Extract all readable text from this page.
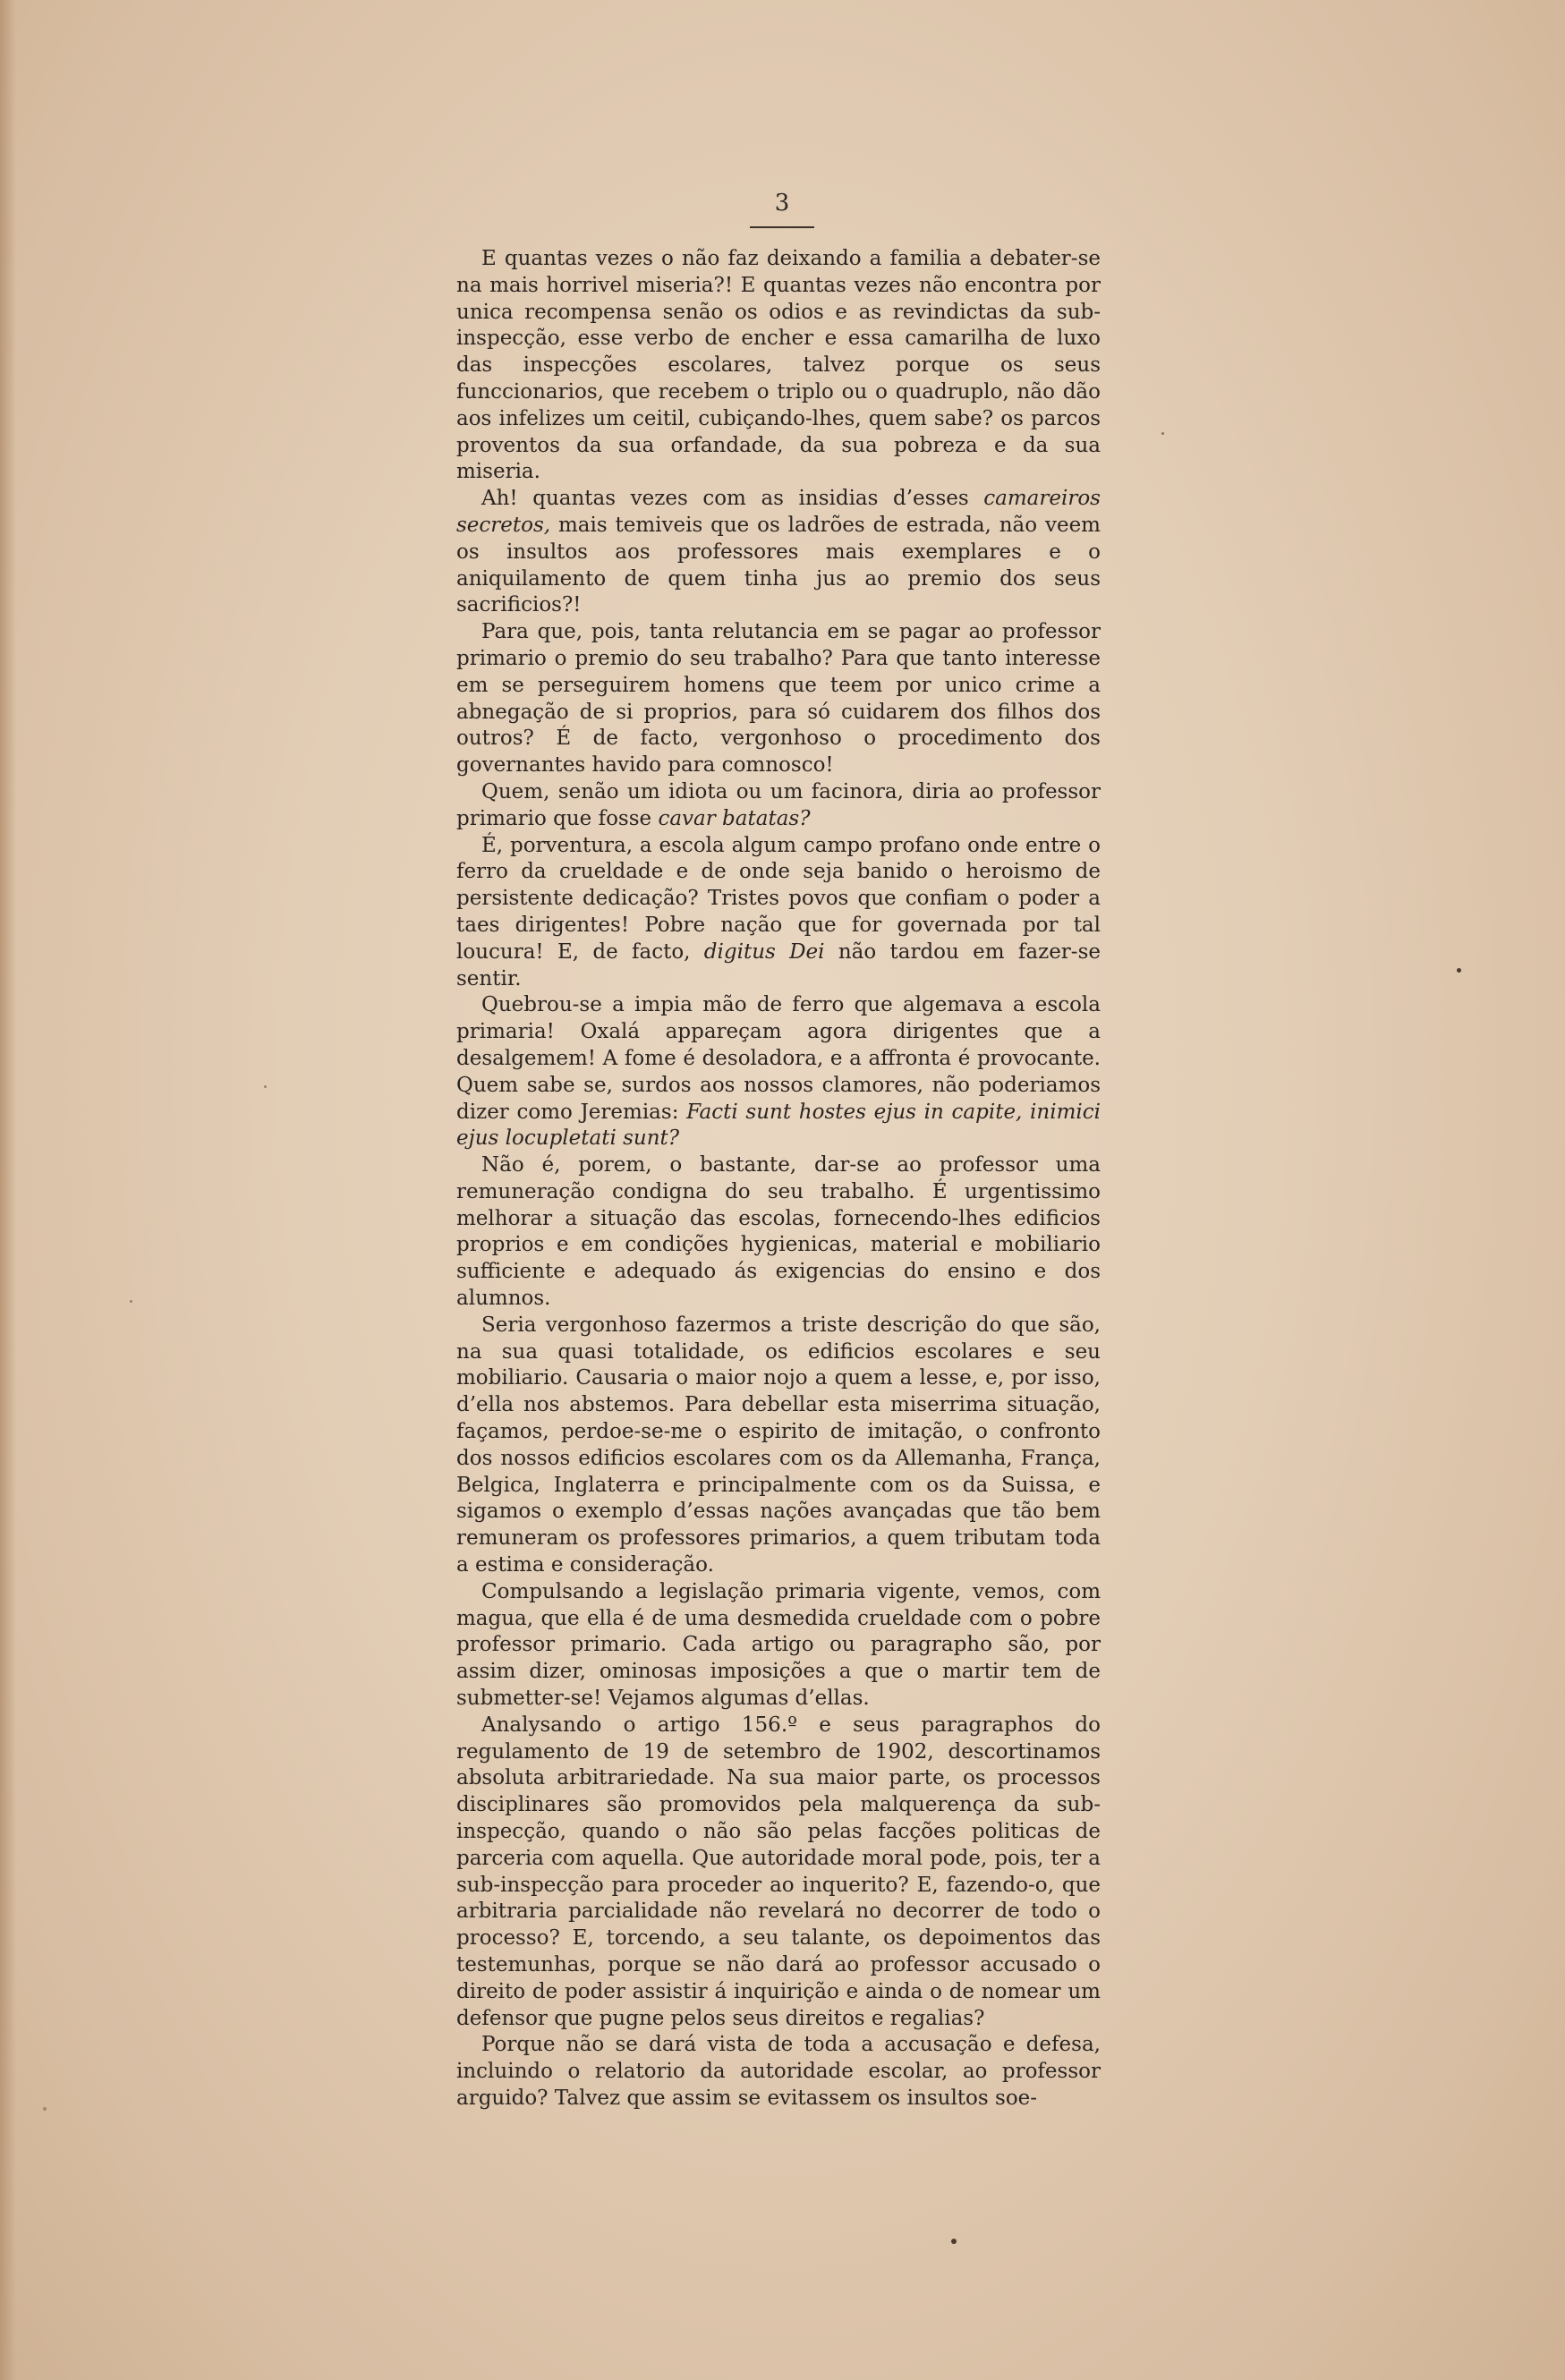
3

E quantas vezes o não faz deixando a familia a debater-se na mais horrivel miseria?! E quantas vezes não encontra por unica recompensa senão os odios e as revindictas da sub-inspecção, esse verbo de encher e essa camarilha de luxo das inspecções escolares, talvez porque os seus funccionarios, que recebem o triplo ou o quadruplo, não dão aos infelizes um ceitil, cubiçando-lhes, quem sabe? os parcos proventos da sua orfandade, da sua pobreza e da sua miseria.

Ah! quantas vezes com as insidias d’esses camareiros secretos, mais temiveis que os ladrões de estrada, não veem os insultos aos professores mais exemplares e o aniquilamento de quem tinha jus ao premio dos seus sacrificios?!

Para que, pois, tanta relutancia em se pagar ao professor primario o premio do seu trabalho? Para que tanto interesse em se perseguirem homens que teem por unico crime a abnegação de si proprios, para só cuidarem dos filhos dos outros? É de facto, vergonhoso o procedimento dos governantes havido para comnosco!

Quem, senão um idiota ou um facinora, diria ao professor primario que fosse cavar batatas?

É, porventura, a escola algum campo profano onde entre o ferro da crueldade e de onde seja banido o heroismo de persistente dedicação? Tristes povos que confiam o poder a taes dirigentes! Pobre nação que for governada por tal loucura! E, de facto, digitus Dei não tardou em fazer-se sentir.

Quebrou-se a impia mão de ferro que algemava a escola primaria! Oxalá appareçam agora dirigentes que a desalgemem! A fome é desoladora, e a affronta é provocante. Quem sabe se, surdos aos nossos clamores, não poderiamos dizer como Jeremias: Facti sunt hostes ejus in capite, inimici ejus locupletati sunt?

Não é, porem, o bastante, dar-se ao professor uma remuneração condigna do seu trabalho. É urgentissimo melhorar a situação das escolas, fornecendo-lhes edificios proprios e em condições hygienicas, material e mobiliario sufficiente e adequado ás exigencias do ensino e dos alumnos.

Seria vergonhoso fazermos a triste descrição do que são, na sua quasi totalidade, os edificios escolares e seu mobiliario. Causaria o maior nojo a quem a lesse, e, por isso, d’ella nos abstemos. Para debellar esta miserrima situação, façamos, perdoe-se-me o espirito de imitação, o confronto dos nossos edificios escolares com os da Allemanha, França, Belgica, Inglaterra e principalmente com os da Suissa, e sigamos o exemplo d’essas nações avançadas que tão bem remuneram os professores primarios, a quem tributam toda a estima e consideração.

Compulsando a legislação primaria vigente, vemos, com magua, que ella é de uma desmedida crueldade com o pobre professor primario. Cada artigo ou paragrapho são, por assim dizer, ominosas imposições a que o martir tem de submetter-se! Vejamos algumas d’ellas.

Analysando o artigo 156.º e seus paragraphos do regulamento de 19 de setembro de 1902, descortinamos absoluta arbitrariedade. Na sua maior parte, os processos disciplinares são promovidos pela malquerença da sub-inspecção, quando o não são pelas facções politicas de parceria com aquella. Que autoridade moral pode, pois, ter a sub-inspecção para proceder ao inquerito? E, fazendo-o, que arbitraria parcialidade não revelará no decorrer de todo o processo? E, torcendo, a seu talante, os depoimentos das testemunhas, porque se não dará ao professor accusado o direito de poder assistir á inquirição e ainda o de nomear um defensor que pugne pelos seus direitos e regalias?

Porque não se dará vista de toda a accusação e defesa, incluindo o relatorio da autoridade escolar, ao professor arguido? Talvez que assim se evitassem os insultos soe-
